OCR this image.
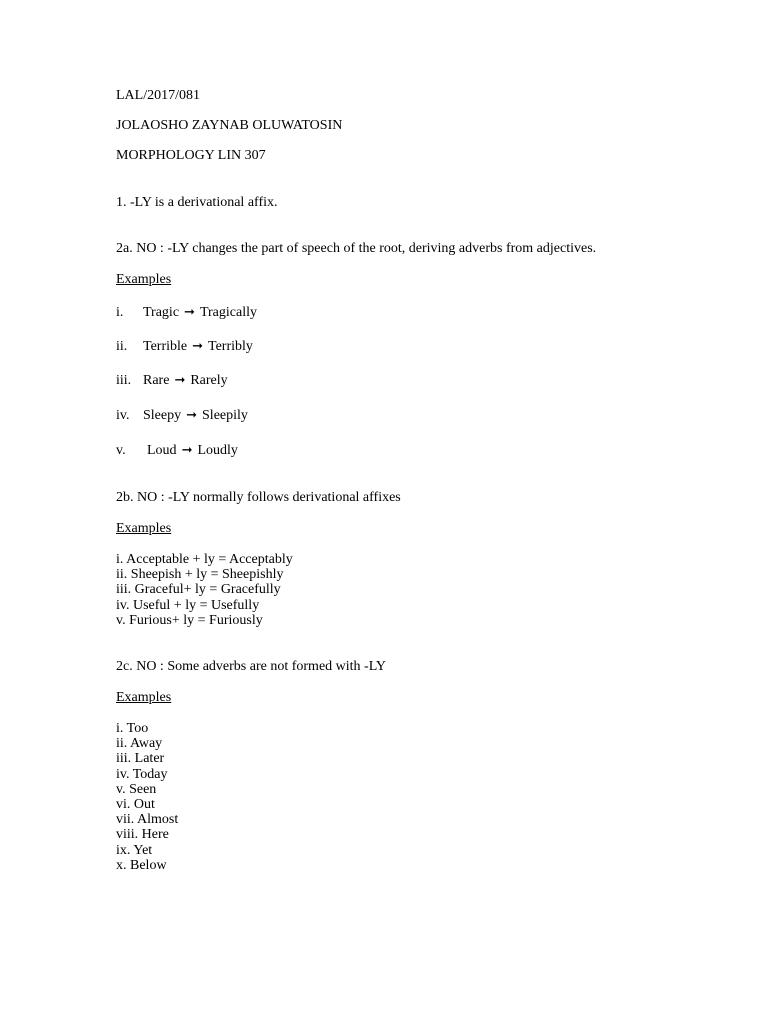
LAL/2017/081
JOLAOSHO ZAYNAB OLUWATOSIN
MORPHOLOGY LIN 307
1. -LY is a derivational affix.
2a. NO : -LY changes the part of speech of the root, deriving adverbs from adjectives.
Examples
i. Tragic ➞ Tragically
ii. Terrible ➞ Terribly
iii. Rare ➞ Rarely
iv. Sleepy ➞ Sleepily
v. Loud ➞ Loudly
2b. NO : -LY normally follows derivational affixes
Examples
i. Acceptable + ly = Acceptably
ii. Sheepish + ly = Sheepishly
iii. Graceful+ ly = Gracefully
iv. Useful + ly = Usefully
v. Furious+ ly = Furiously
2c. NO : Some adverbs are not formed with -LY
Examples
i. Too
ii. Away
iii. Later
iv. Today
v. Seen
vi. Out
vii. Almost
viii. Here
ix. Yet
x. Below
